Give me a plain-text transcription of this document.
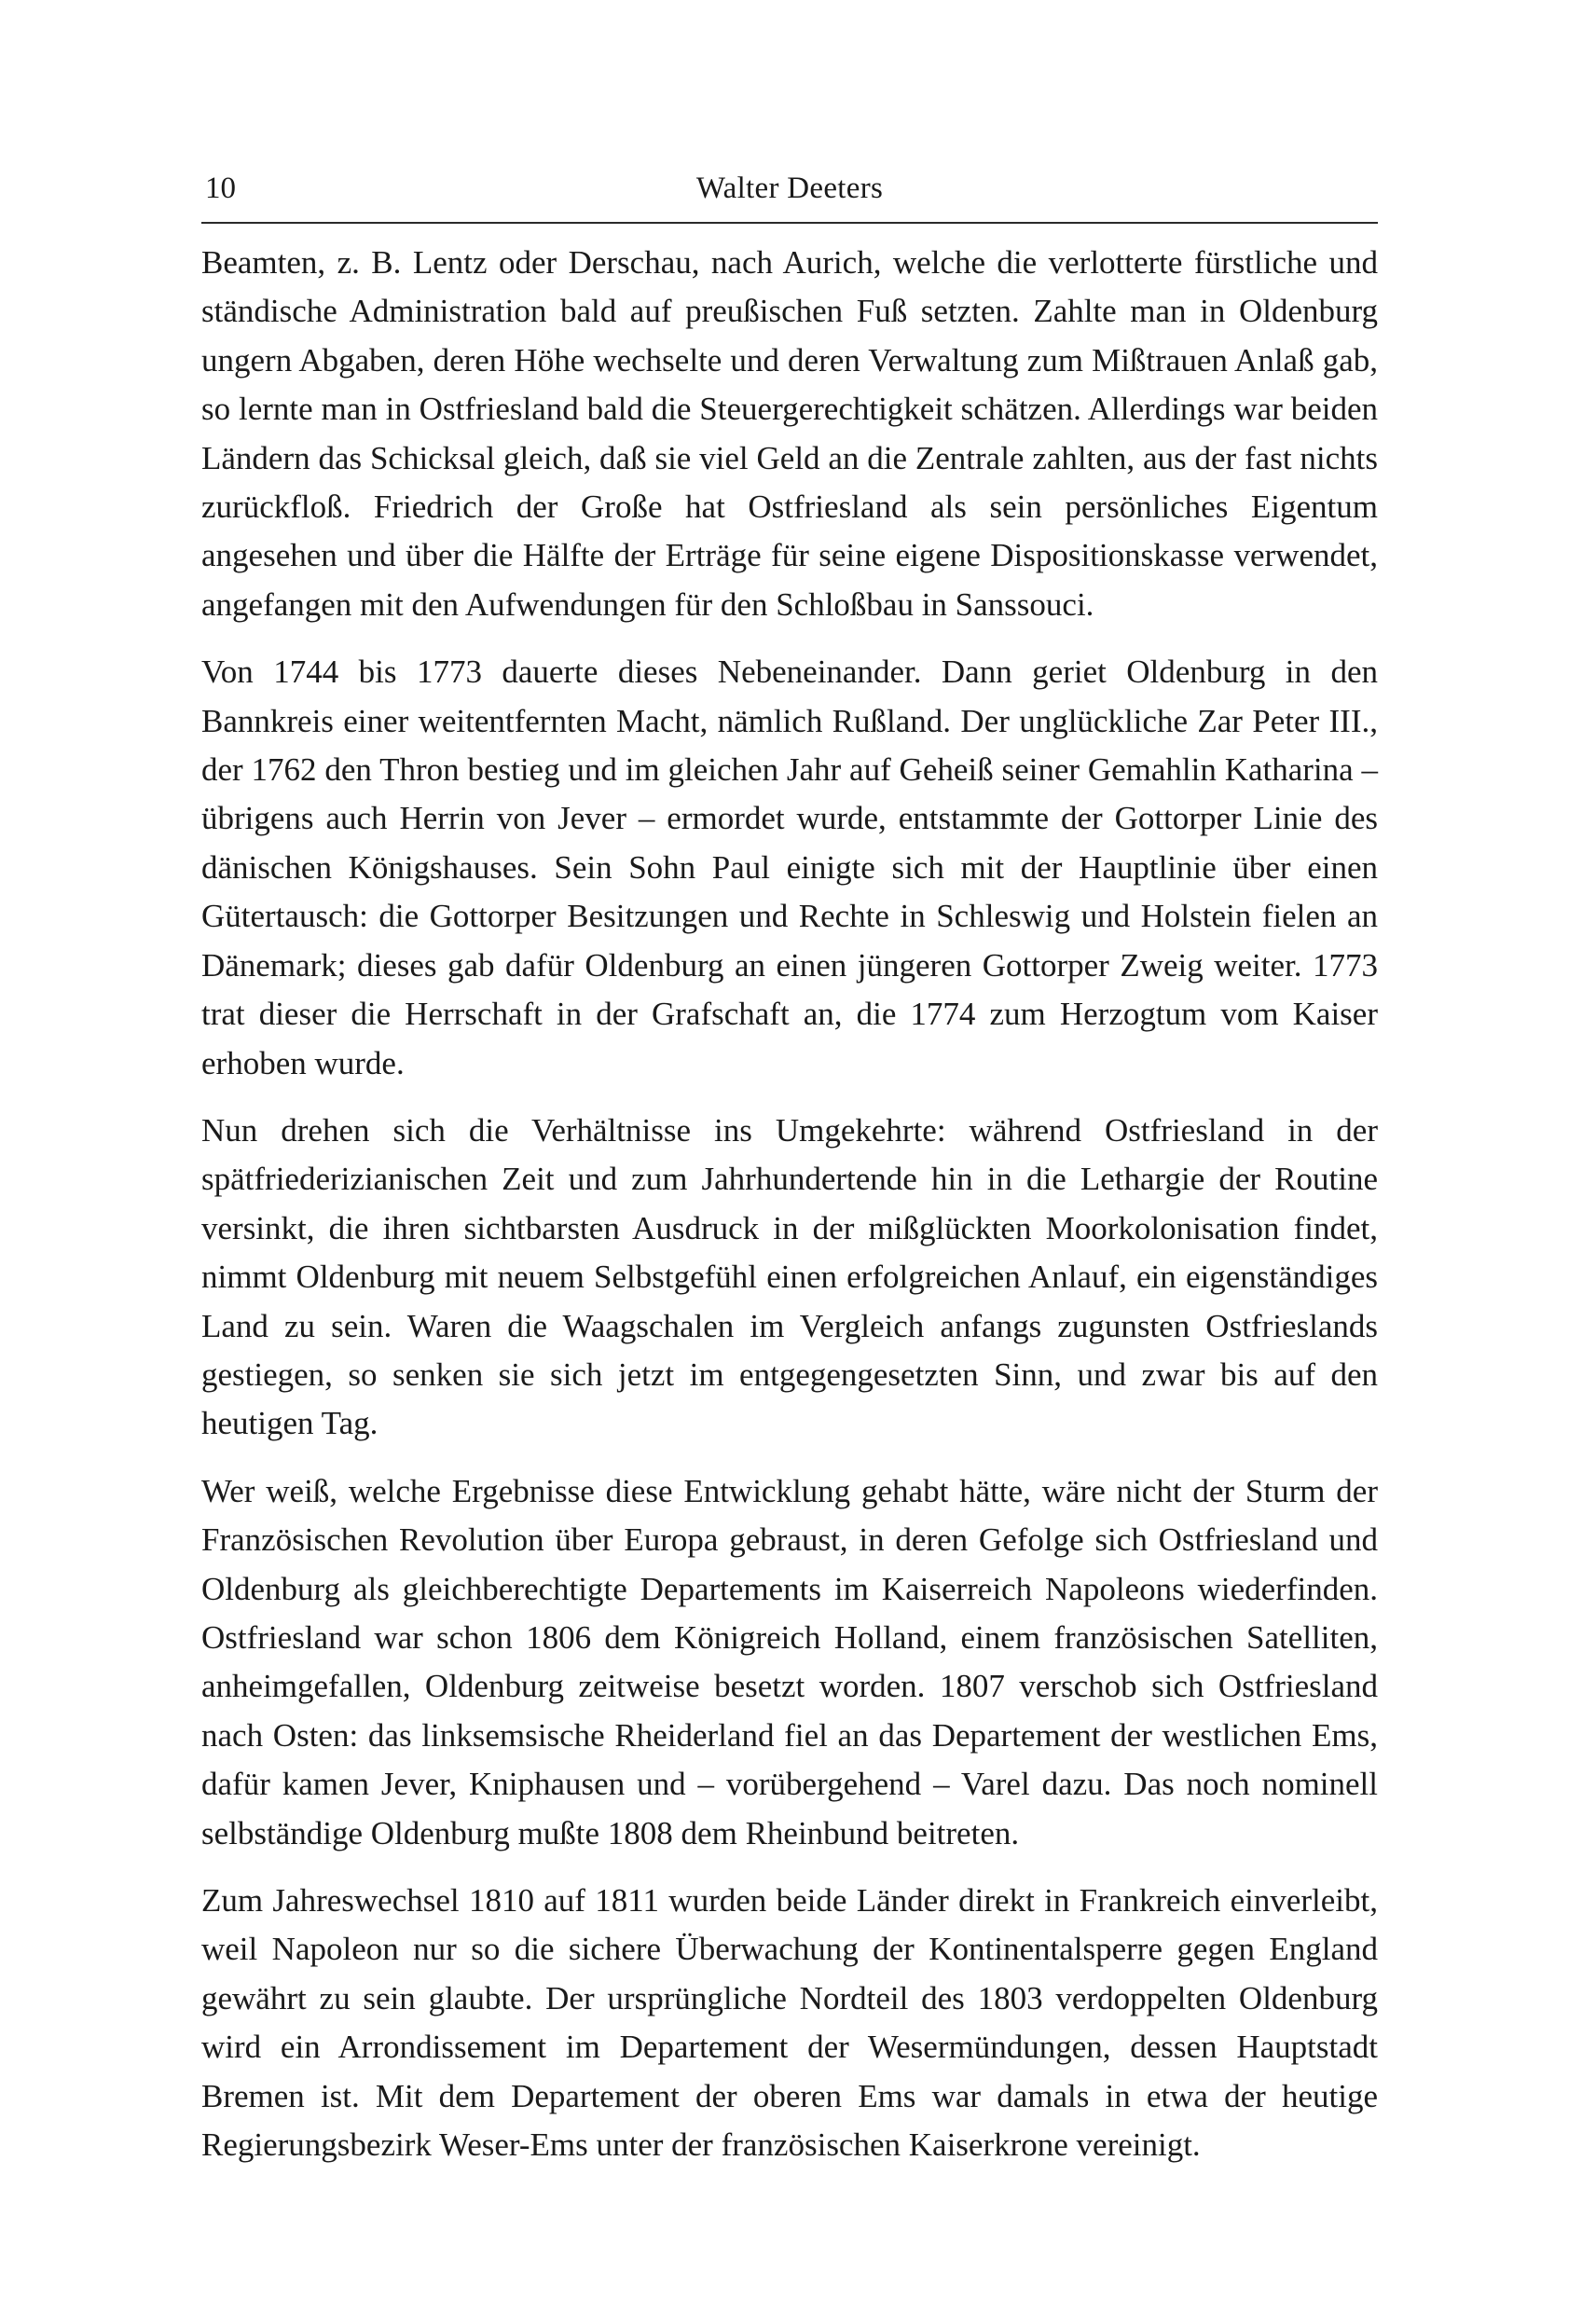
10	Walter Deeters

Beamten, z. B. Lentz oder Derschau, nach Aurich, welche die verlotterte fürstliche und ständische Administration bald auf preußischen Fuß setzten. Zahlte man in Oldenburg ungern Abgaben, deren Höhe wechselte und deren Verwaltung zum Mißtrauen Anlaß gab, so lernte man in Ostfriesland bald die Steuergerechtigkeit schätzen. Allerdings war beiden Ländern das Schicksal gleich, daß sie viel Geld an die Zentrale zahlten, aus der fast nichts zurückfloß. Friedrich der Große hat Ostfriesland als sein persönliches Eigentum angesehen und über die Hälfte der Erträge für seine eigene Dispositionskasse verwendet, angefangen mit den Aufwendungen für den Schloßbau in Sanssouci.

Von 1744 bis 1773 dauerte dieses Nebeneinander. Dann geriet Oldenburg in den Bannkreis einer weitentfernten Macht, nämlich Rußland. Der unglückliche Zar Peter III., der 1762 den Thron bestieg und im gleichen Jahr auf Geheiß seiner Gemahlin Katharina – übrigens auch Herrin von Jever – ermordet wurde, entstammte der Gottorper Linie des dänischen Königshauses. Sein Sohn Paul einigte sich mit der Hauptlinie über einen Gütertausch: die Gottorper Besitzungen und Rechte in Schleswig und Holstein fielen an Dänemark; dieses gab dafür Oldenburg an einen jüngeren Gottorper Zweig weiter. 1773 trat dieser die Herrschaft in der Grafschaft an, die 1774 zum Herzogtum vom Kaiser erhoben wurde.

Nun drehen sich die Verhältnisse ins Umgekehrte: während Ostfriesland in der spätfriederizianischen Zeit und zum Jahrhundertende hin in die Lethargie der Routine versinkt, die ihren sichtbarsten Ausdruck in der mißglückten Moorkolonisation findet, nimmt Oldenburg mit neuem Selbstgefühl einen erfolgreichen Anlauf, ein eigenständiges Land zu sein. Waren die Waagschalen im Vergleich anfangs zugunsten Ostfrieslands gestiegen, so senken sie sich jetzt im entgegengesetzten Sinn, und zwar bis auf den heutigen Tag.

Wer weiß, welche Ergebnisse diese Entwicklung gehabt hätte, wäre nicht der Sturm der Französischen Revolution über Europa gebraust, in deren Gefolge sich Ostfriesland und Oldenburg als gleichberechtigte Departements im Kaiserreich Napoleons wiederfinden. Ostfriesland war schon 1806 dem Königreich Holland, einem französischen Satelliten, anheimgefallen, Oldenburg zeitweise besetzt worden. 1807 verschob sich Ostfriesland nach Osten: das linksemsische Rheiderland fiel an das Departement der westlichen Ems, dafür kamen Jever, Kniphausen und – vorübergehend – Varel dazu. Das noch nominell selbständige Oldenburg mußte 1808 dem Rheinbund beitreten.

Zum Jahreswechsel 1810 auf 1811 wurden beide Länder direkt in Frankreich einverleibt, weil Napoleon nur so die sichere Überwachung der Kontinentalsperre gegen England gewährt zu sein glaubte. Der ursprüngliche Nordteil des 1803 verdoppelten Oldenburg wird ein Arrondissement im Departement der Wesermündungen, dessen Hauptstadt Bremen ist. Mit dem Departement der oberen Ems war damals in etwa der heutige Regierungsbezirk Weser-Ems unter der französischen Kaiserkrone vereinigt.
